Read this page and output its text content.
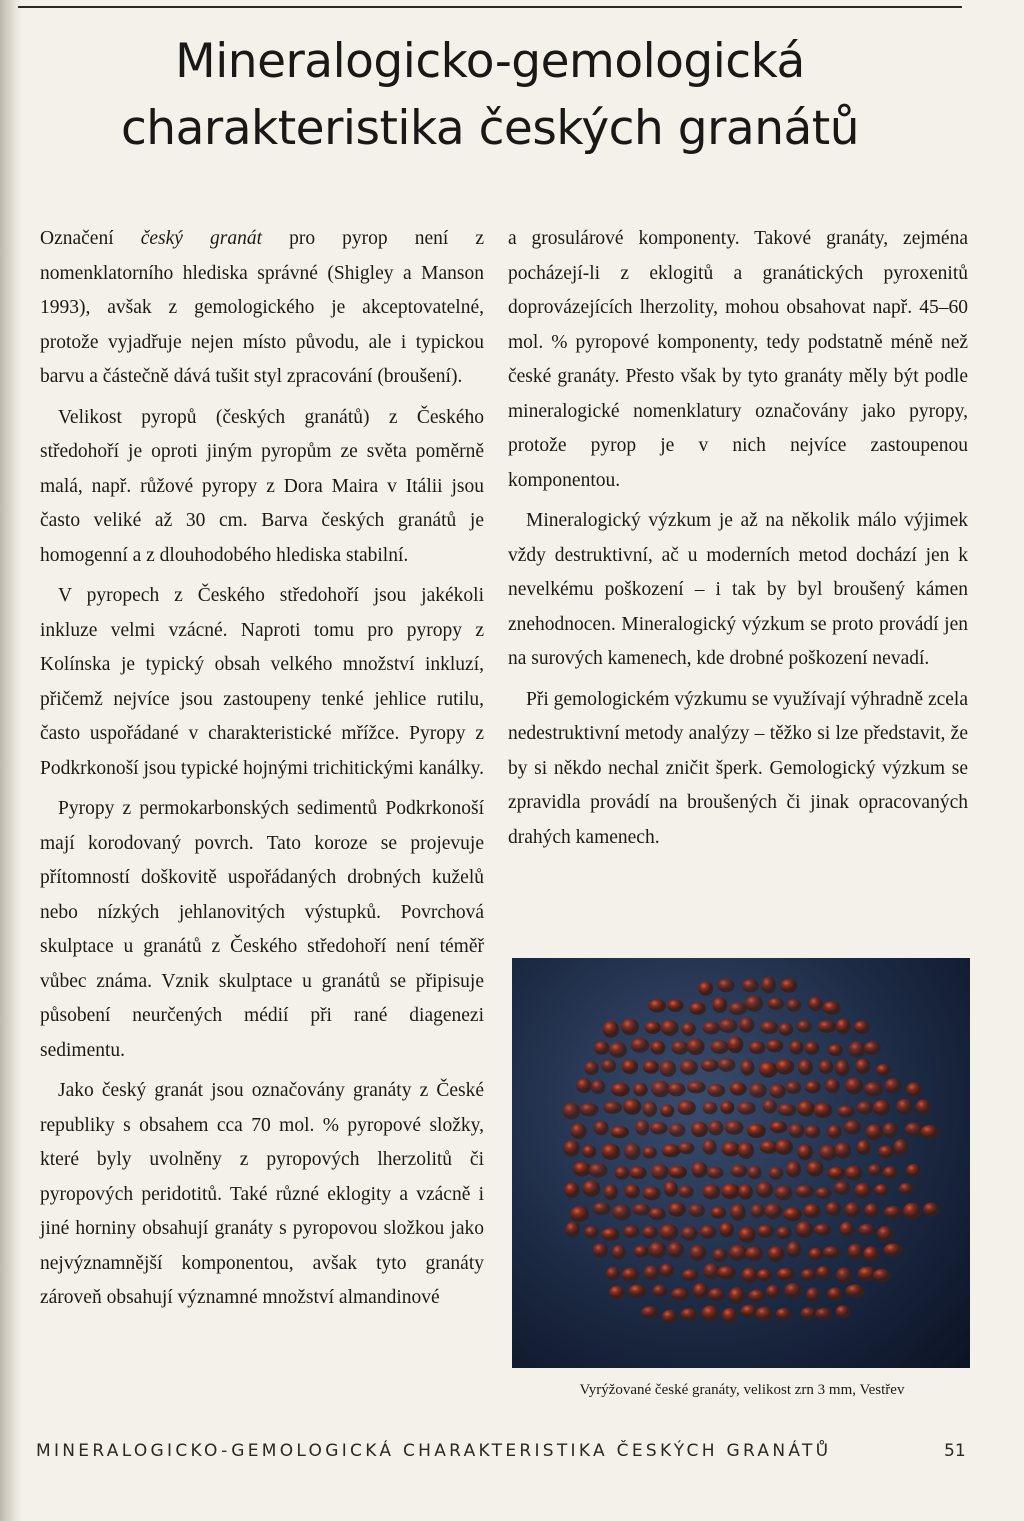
Mineralogicko-gemologická
charakteristika českých granátů

Označení český granát pro pyrop není z nomenklatorního hlediska správné (Shigley a Manson 1993), avšak z gemologického je akceptovatelné, protože vyjadřuje nejen místo původu, ale i typickou barvu a částečně dává tušit styl zpracování (broušení).

Velikost pyropů (českých granátů) z Českého středohoří je oproti jiným pyropům ze světa poměrně malá, např. růžové pyropy z Dora Maira v Itálii jsou často veliké až 30 cm. Barva českých granátů je homogenní a z dlouhodobého hlediska stabilní.

V pyropech z Českého středohoří jsou jakékoli inkluze velmi vzácné. Naproti tomu pro pyropy z Kolínska je typický obsah velkého množství inkluzí, přičemž nejvíce jsou zastoupeny tenké jehlice rutilu, často uspořádané v charakteristické mřížce. Pyropy z Podkrkonoší jsou typické hojnými trichitickými kanálky.

Pyropy z permokarbonských sedimentů Podkrkonoší mají korodovaný povrch. Tato koroze se projevuje přítomností doškovitě uspořádaných drobných kuželů nebo nízkých jehlanovitých výstupků. Povrchová skulptace u granátů z Českého středohoří není téměř vůbec známa. Vznik skulptace u granátů se připisuje působení neurčených médií při rané diagenezi sedimentu.

Jako český granát jsou označovány granáty z České republiky s obsahem cca 70 mol. % pyropové složky, které byly uvolněny z pyropových lherzolitů či pyropových peridotitů. Také různé eklogity a vzácně i jiné horniny obsahují granáty s pyropovou složkou jako nejvýznamnější komponentou, avšak tyto granáty zároveň obsahují významné množství almandinové

a grosulárové komponenty. Takové granáty, zejména pocházejí-li z eklogitů a granátických pyroxenitů doprovázejících lherzolity, mohou obsahovat např. 45–60 mol. % pyropové komponenty, tedy podstatně méně než české granáty. Přesto však by tyto granáty měly být podle mineralogické nomenklatury označovány jako pyropy, protože pyrop je v nich nejvíce zastoupenou komponentou.

Mineralogický výzkum je až na několik málo výjimek vždy destruktivní, ač u moderních metod dochází jen k nevelkému poškození – i tak by byl broušený kámen znehodnocen. Mineralogický výzkum se proto provádí jen na surových kamenech, kde drobné poškození nevadí.

Při gemologickém výzkumu se využívají výhradně zcela nedestruktivní metody analýzy – těžko si lze představit, že by si někdo nechal zničit šperk. Gemologický výzkum se zpravidla provádí na broušených či jinak opracovaných drahých kamenech.

Vyrýžované české granáty, velikost zrn 3 mm, Vestřev
MINERALOGICKO-GEMOLOGICKÁ CHARAKTERISTIKA ČESKÝCH GRANÁTŮ	51
